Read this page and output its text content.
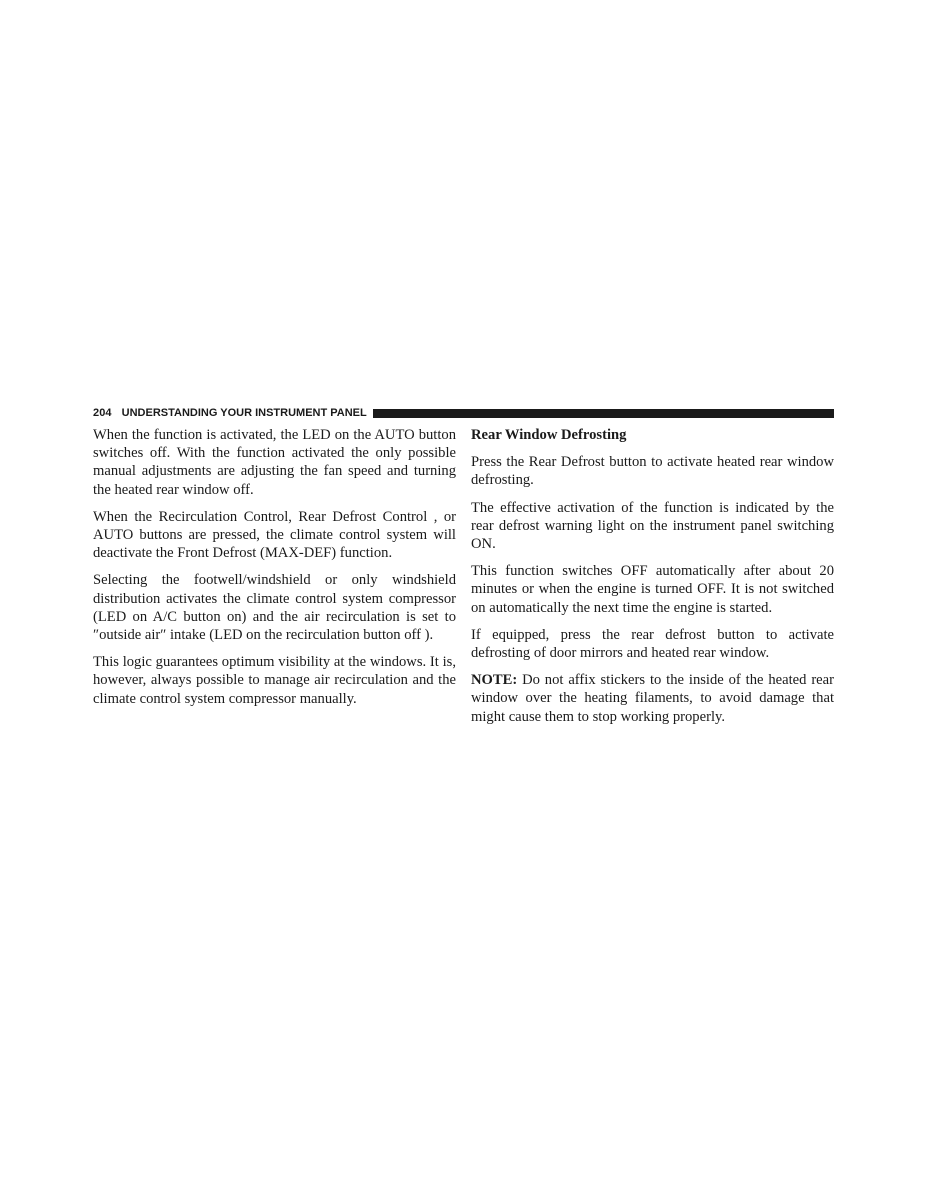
204 UNDERSTANDING YOUR INSTRUMENT PANEL

When the function is activated, the LED on the AUTO button switches off. With the function activated the only possible manual adjustments are adjusting the fan speed and turning the heated rear window off.

When the Recirculation Control, Rear Defrost Control , or AUTO buttons are pressed, the climate control system will deactivate the Front Defrost (MAX-DEF) function.

Selecting the footwell/windshield or only windshield distribution activates the climate control system compressor (LED on A/C button on) and the air recirculation is set to ″outside air″ intake (LED on the recirculation button off ).

This logic guarantees optimum visibility at the windows. It is, however, always possible to manage air recirculation and the climate control system compressor manually.

Rear Window Defrosting

Press the Rear Defrost button to activate heated rear window defrosting.

The effective activation of the function is indicated by the rear defrost warning light on the instrument panel switching ON.

This function switches OFF automatically after about 20 minutes or when the engine is turned OFF. It is not switched on automatically the next time the engine is started.

If equipped, press the rear defrost button to activate defrosting of door mirrors and heated rear window.

NOTE: Do not affix stickers to the inside of the heated rear window over the heating filaments, to avoid damage that might cause them to stop working properly.
